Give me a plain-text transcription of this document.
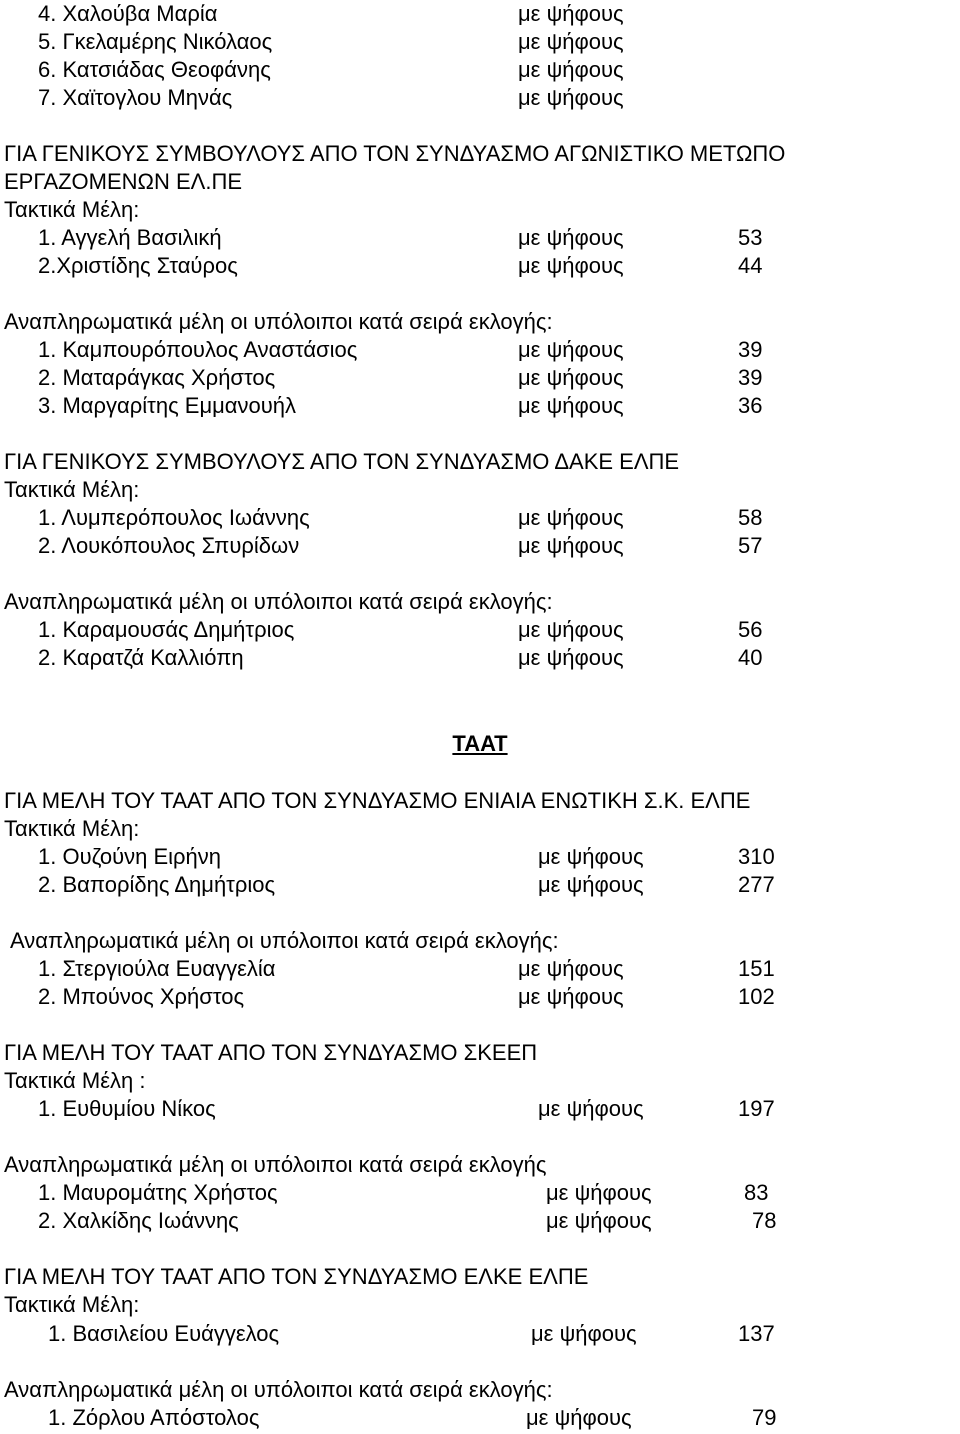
4. Χαλούβα Μαρία	με ψήφους
5. Γκελαμέρης Νικόλαος	με ψήφους
6. Κατσιάδας Θεοφάνης	με ψήφους
7. Χαϊτογλου Μηνάς	με ψήφους
ΓΙΑ ΓΕΝΙΚΟΥΣ ΣΥΜΒΟΥΛΟΥΣ ΑΠΟ ΤΟΝ ΣΥΝΔΥΑΣΜΟ ΑΓΩΝΙΣΤΙΚΟ ΜΕΤΩΠΟ
ΕΡΓΑΖΟΜΕΝΩΝ ΕΛ.ΠΕ
Τακτικά Μέλη:
1. Αγγελή Βασιλική	με ψήφους	53
2.Χριστίδης Σταύρος	με ψήφους	44
Αναπληρωματικά μέλη οι υπόλοιποι κατά σειρά εκλογής:
1. Καμπουρόπουλος Αναστάσιος	με ψήφους	39
2. Ματαράγκας Χρήστος	με ψήφους	39
3. Μαργαρίτης Εμμανουήλ	με ψήφους	36
ΓΙΑ ΓΕΝΙΚΟΥΣ ΣΥΜΒΟΥΛΟΥΣ ΑΠΟ ΤΟΝ ΣΥΝΔΥΑΣΜΟ ΔΑΚΕ ΕΛΠΕ
Τακτικά Μέλη:
1. Λυμπερόπουλος Ιωάννης	με ψήφους	58
2. Λουκόπουλος Σπυρίδων	με ψήφους	57
Αναπληρωματικά μέλη οι υπόλοιποι κατά σειρά εκλογής:
1. Καραμουσάς Δημήτριος	με ψήφους	56
2. Καρατζά Καλλιόπη	με ψήφους	40
ΤΑΑΤ
ΓΙΑ ΜΕΛΗ ΤΟΥ ΤΑΑΤ ΑΠΟ ΤΟΝ ΣΥΝΔΥΑΣΜΟ ΕΝΙΑΙΑ ΕΝΩΤΙΚΗ Σ.Κ. ΕΛΠΕ
Τακτικά Μέλη:
1. Ουζούνη Ειρήνη	με ψήφους	310
2. Βαπορίδης Δημήτριος	με ψήφους	277
Αναπληρωματικά μέλη οι υπόλοιποι κατά σειρά εκλογής:
1. Στεργιούλα Ευαγγελία	με ψήφους	151
2. Μπούνος Χρήστος	με ψήφους	102
ΓΙΑ ΜΕΛΗ ΤΟΥ ΤΑΑΤ ΑΠΟ ΤΟΝ ΣΥΝΔΥΑΣΜΟ ΣΚΕΕΠ
Τακτικά Μέλη :
1. Ευθυμίου Νίκος	με ψήφους	197
Αναπληρωματικά μέλη οι υπόλοιποι κατά σειρά εκλογής
1. Μαυρομάτης Χρήστος	με ψήφους	83
2. Χαλκίδης Ιωάννης	με ψήφους	78
ΓΙΑ ΜΕΛΗ ΤΟΥ ΤΑΑΤ ΑΠΟ ΤΟΝ ΣΥΝΔΥΑΣΜΟ ΕΛΚΕ ΕΛΠΕ
Τακτικά Μέλη:
1. Βασιλείου Ευάγγελος	με ψήφους	137
Αναπληρωματικά μέλη οι υπόλοιποι κατά σειρά εκλογής:
1. Ζόρλου Απόστολος	με ψήφους	79
